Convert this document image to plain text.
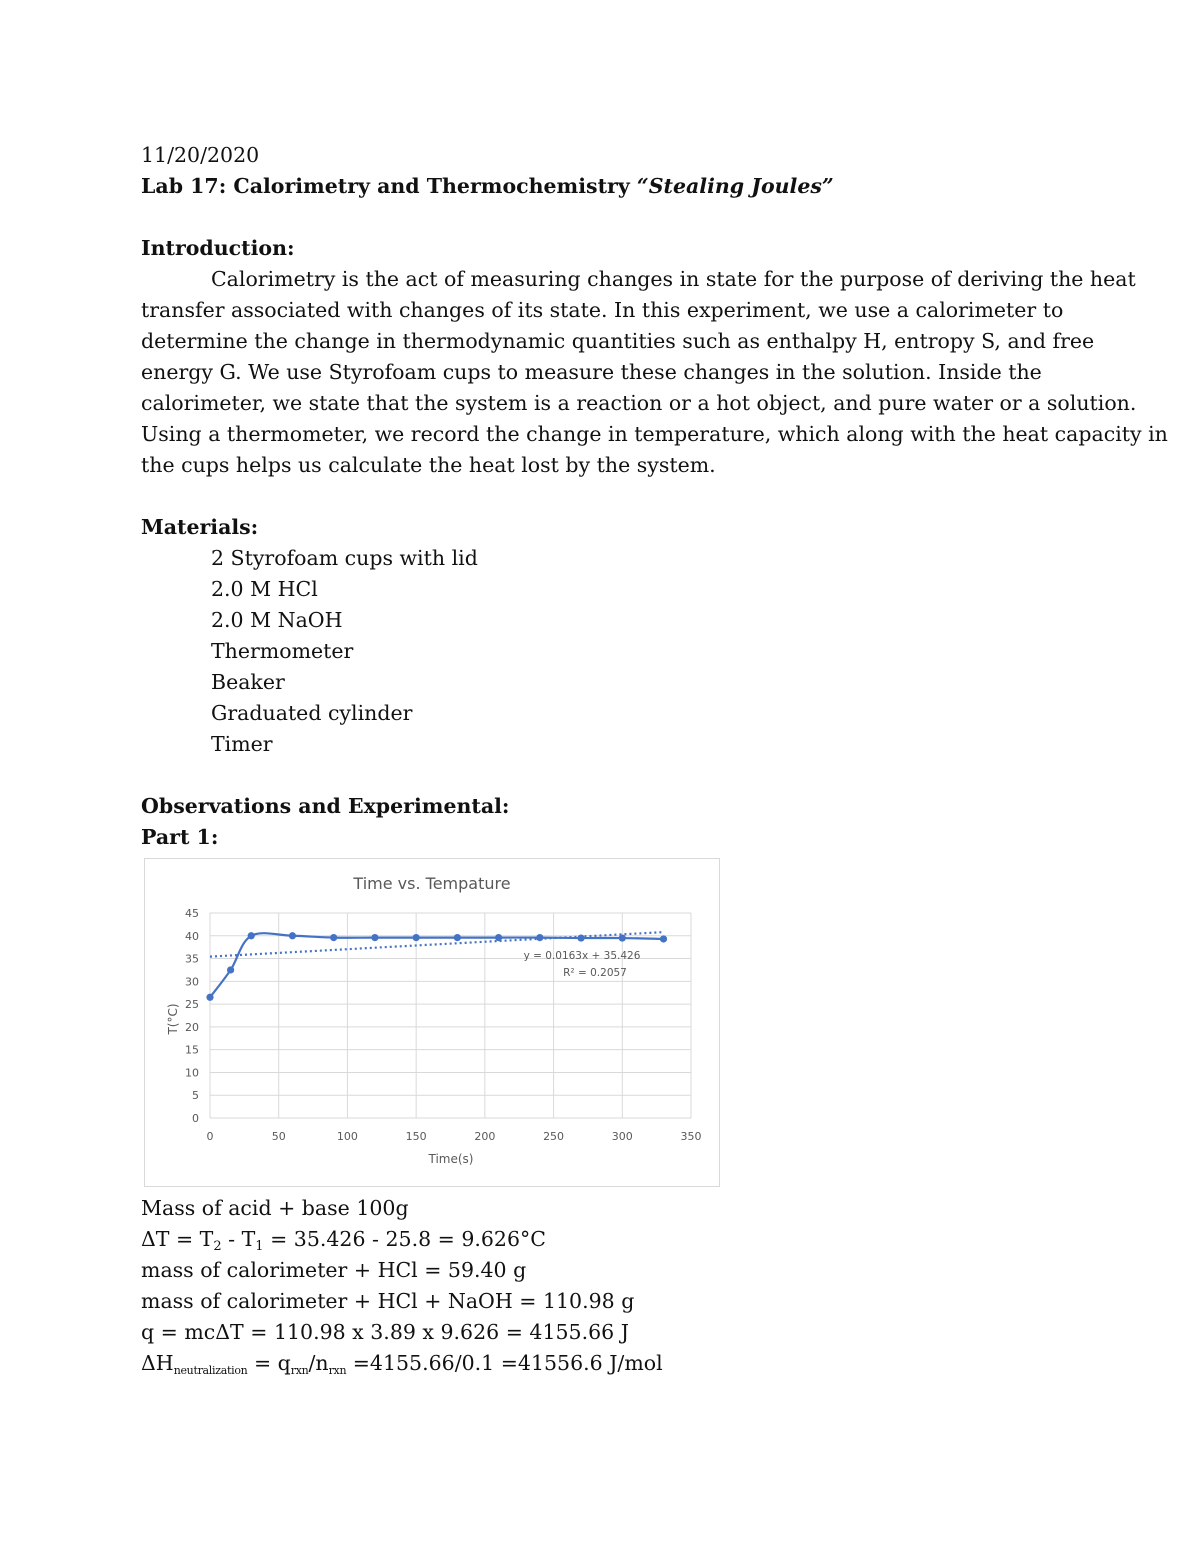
11/20/2020
Lab 17: Calorimetry and Thermochemistry “Stealing Joules”
Introduction:
Calorimetry is the act of measuring changes in state for the purpose of deriving the heat
transfer associated with changes of its state. In this experiment, we use a calorimeter to
determine the change in thermodynamic quantities such as enthalpy H, entropy S, and free
energy G. We use Styrofoam cups to measure these changes in the solution. Inside the
calorimeter, we state that the system is a reaction or a hot object, and pure water or a solution.
Using a thermometer, we record the change in temperature, which along with the heat capacity in
the cups helps us calculate the heat lost by the system.
Materials:
2 Styrofoam cups with lid
2.0 M HCl
2.0 M NaOH
Thermometer
Beaker
Graduated cylinder
Timer
Observations and Experimental:
Part 1:
0
5
10
15
20
25
30
35
40
45
0	50	100	150	200	250	300	350
Time vs. Tempature
Time(s)
T(°C)
y = 0.0163x + 35.426
R² = 0.2057
Mass of acid + base 100g
$\Delta T = T_2 - T_1 = 35.426 - 25.8 = 9.626^\circ C$
mass of calorimeter + HCl = 59.40 g
mass of calorimeter + HCl + NaOH = 110.98 g
q = mcΔT = 110.98 x 3.89 x 9.626 = 4155.66 J
$\Delta H_{neutralization} = q_{rxn}/n_{rxn} =4155.66/0.1 =41556.6$ J/mol
